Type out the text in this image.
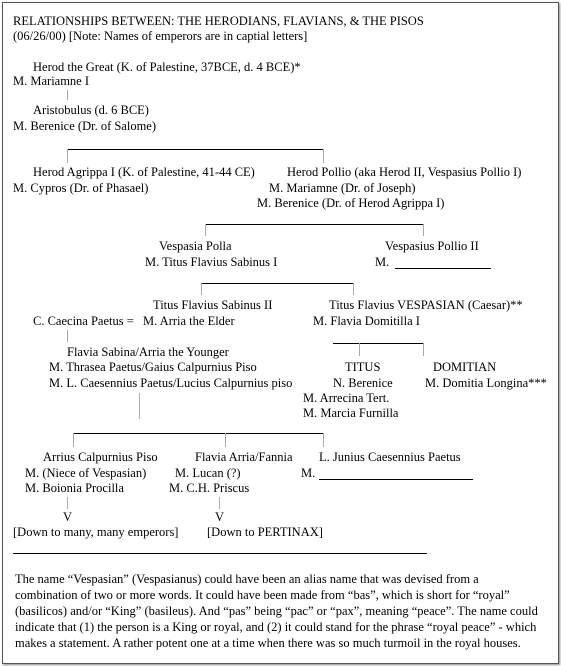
RELATIONSHIPS BETWEEN: THE HERODIANS, FLAVIANS, & THE PISOS
(06/26/00) [Note: Names of emperors are in captial letters]
Herod the Great (K. of Palestine, 37BCE, d. 4 BCE)*
M. Mariamne I
Aristobulus (d. 6 BCE)
M. Berenice (Dr. of Salome)
Herod Agrippa I (K. of Palestine, 41-44 CE)
M. Cypros (Dr. of Phasael)
Herod Pollio (aka Herod II, Vespasius Pollio I)
M. Mariamne (Dr. of Joseph)
M. Berenice (Dr. of Herod Agrippa I)
Vespasia Polla
M. Titus Flavius Sabinus I
Vespasius Pollio II
M.
Titus Flavius Sabinus II
C. Caecina Paetus = M. Arria the Elder
Titus Flavius VESPASIAN (Caesar)**
M. Flavia Domitilla I
Flavia Sabina/Arria the Younger
M. Thrasea Paetus/Gaius Calpurnius Piso
M. L. Caesennius Paetus/Lucius Calpurnius piso
TITUS
N. Berenice
M. Arrecina Tert.
M. Marcia Furnilla
DOMITIAN
M. Domitia Longina***
Arrius Calpurnius Piso
M. (Niece of Vespasian)
M. Boionia Procilla
Flavia Arria/Fannia
M. Lucan (?)
M. C.H. Priscus
L. Junius Caesennius Paetus
M.
V	V
[Down to many, many emperors] [Down to PERTINAX]
The name “Vespasian” (Vespasianus) could have been an alias name that was devised from a combination of two or more words. It could have been made from “bas”, which is short for “royal” (basilicos) and/or “King” (basileus). And “pas” being “pac” or “pax”, meaning “peace”. The name could indicate that (1) the person is a King or royal, and (2) it could stand for the phrase “royal peace” - which makes a statement. A rather potent one at a time when there was so much turmoil in the royal houses.
